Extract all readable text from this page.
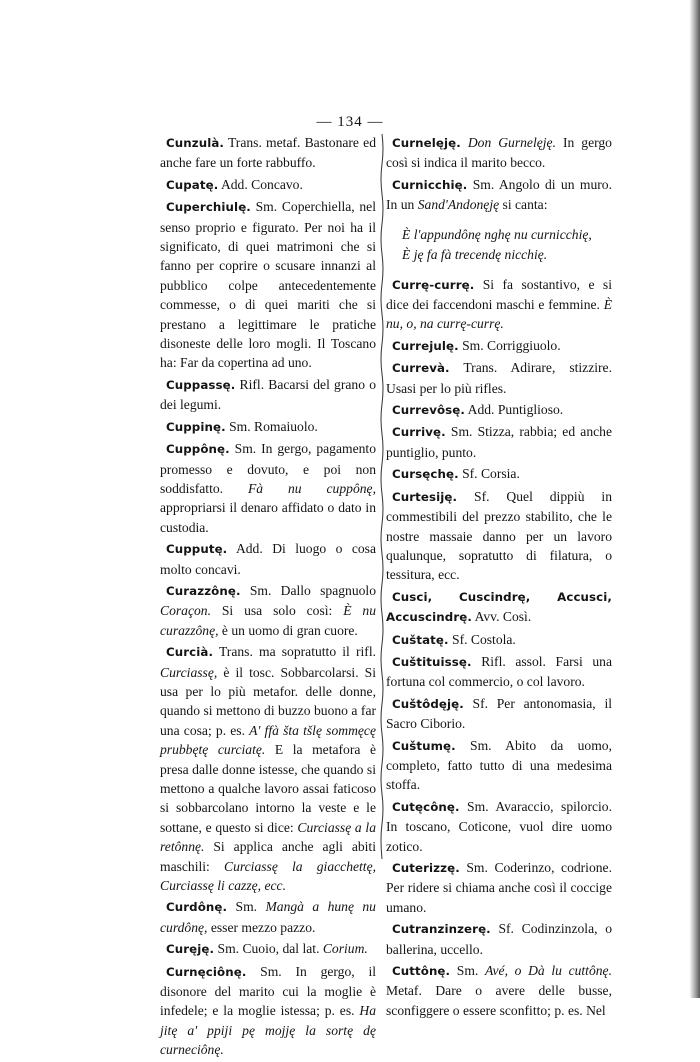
— 134 —
Cunzulà. Trans. metaf. Bastonare ed anche fare un forte rabbuffo.
Cupatę. Add. Concavo.
Cuperchiulę. Sm. Coperchiella, nel senso proprio e figurato. Per noi ha il significato, di quei matrimoni che si fanno per coprire o scusare innanzi al pubblico colpe antecedentemente commesse, o di quei mariti che si prestano a legittimare le pratiche disoneste delle loro mogli. Il Toscano ha: Far da copertina ad uno.
Cuppassę. Rifl. Bacarsi del grano o dei legumi.
Cuppinę. Sm. Romaiuolo.
Cuppônę. Sm. In gergo, pagamento promesso e dovuto, e poi non soddisfatto. Fà nu cuppônę, appropriarsi il denaro affidato o dato in custodia.
Cupputę. Add. Di luogo o cosa molto concavi.
Curazzônę. Sm. Dallo spagnuolo Coraçon. Si usa solo così: È nu curazzônę, è un uomo di gran cuore.
Curcià. Trans. ma sopratutto il rifl. Curciassę, è il tosc. Sobbarcolarsi. Si usa per lo più metafor. delle donne, quando si mettono di buzzo buono a far una cosa; p. es. A' ffà šta tšlę sommęcę prubbętę curciatę. E la metafora è presa dalle donne istesse, che quando si mettono a qualche lavoro assai faticoso si sobbarcolano intorno la veste e le sottane, e questo si dice: Curciassę a la retônnę. Si applica anche agli abiti maschili: Curciassę la giacchettę, Curciassę li cazzę, ecc.
Curdônę. Sm. Mangà a hunę nu curdônę, esser mezzo pazzo.
Curęję. Sm. Cuoio, dal lat. Corium.
Curnęciônę. Sm. In gergo, il disonore del marito cui la moglie è infedele; e la moglie istessa; p. es. Ha jitę a' ppiji pę mojję la sortę dę curneciônę.
Curnelęję. Don Gurnelęję. In gergo così si indica il marito becco.
Curnicchię. Sm. Angolo di un muro. In un Sand'Andonęję si canta:
È l'appundônę nghę nu curnicchię,
È ję fa fà trecendę nicchię.
Currę-currę. Si fa sostantivo, e si dice dei faccendoni maschi e femmine. È nu, o, na currę-currę.
Currejulę. Sm. Corriggiuolo.
Currevà. Trans. Adirare, stizzire. Usasi per lo più rifles.
Currevôsę. Add. Puntiglioso.
Currivę. Sm. Stizza, rabbia; ed anche puntiglio, punto.
Cursęchę. Sf. Corsia.
Curtesiję. Sf. Quel dippiù in commestibili del prezzo stabilito, che le nostre massaie danno per un lavoro qualunque, sopratutto di filatura, o tessitura, ecc.
Cusci, Cuscindrę, Accusci, Accuscindrę. Avv. Così.
Cuštatę. Sf. Costola.
Cuštituissę. Rifl. assol. Farsi una fortuna col commercio, o col lavoro.
Cuštôdęję. Sf. Per antonomasia, il Sacro Ciborio.
Cuštumę. Sm. Abito da uomo, completo, fatto tutto di una medesima stoffa.
Cutęcônę. Sm. Avaraccio, spilorcio. In toscano, Coticone, vuol dire uomo zotico.
Cuterizzę. Sm. Coderinzo, codrione. Per ridere si chiama anche così il coccige umano.
Cutranzinzerę. Sf. Codinzinzola, o ballerina, uccello.
Cuttônę. Sm. Avé, o Dà lu cuttônę. Metaf. Dare o avere delle busse, sconfiggere o essere sconfitto; p. es. Nel
